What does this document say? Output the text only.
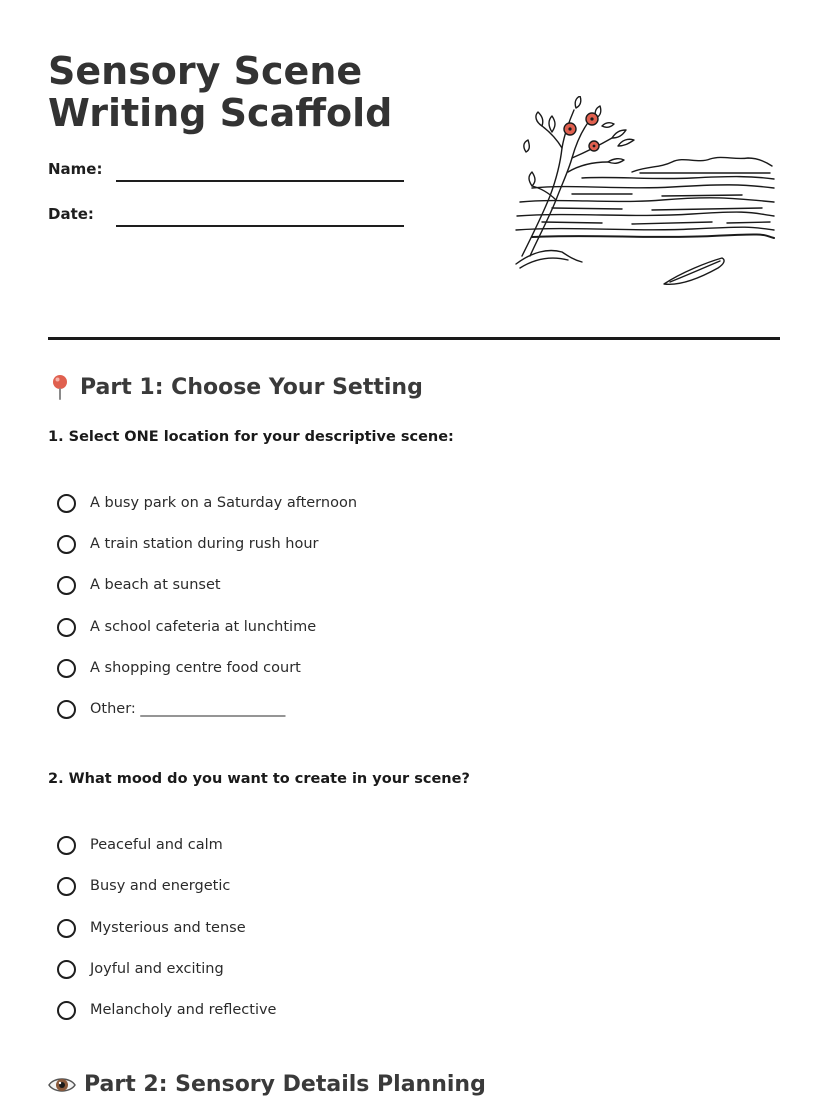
Sensory Scene Writing Scaffold
Name:
Date:
Part 1: Choose Your Setting
1. Select ONE location for your descriptive scene:
A busy park on a Saturday afternoon
A train station during rush hour
A beach at sunset
A school cafeteria at lunchtime
A shopping centre food court
Other: ____________________
2. What mood do you want to create in your scene?
Peaceful and calm
Busy and energetic
Mysterious and tense
Joyful and exciting
Melancholy and reflective
Part 2: Sensory Details Planning
